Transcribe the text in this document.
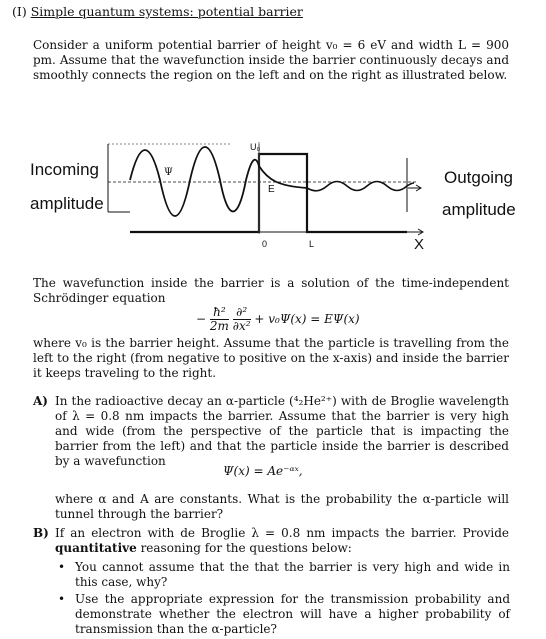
(I) Simple quantum systems: potential barrier
Consider a uniform potential barrier of height v₀ = 6 eV and width L = 900 pm. Assume that the wavefunction inside the barrier continuously decays and smoothly connects the region on the left and on the right as illustrated below.
Incoming
amplitude
Outgoing
amplitude
U₀
Ψ
E
0	L	X
The wavefunction inside the barrier is a solution of the time-independent Schrödinger equation
− $\frac{\text{ħ²}}{2m}$
$\frac{\text{∂²}}{\text{∂x²}} + v_0\Psi(x) = E\Psi(x)$
where v₀ is the barrier height. Assume that the particle is travelling from the left to the right (from negative to positive on the x-axis) and inside the barrier it keeps traveling to the right.
A) In the radioactive decay an α-particle (⁴₂He²⁺) with de Broglie wavelength of λ = 0.8 nm impacts the barrier. Assume that the barrier is very high and wide (from the perspective of the particle that is impacting the barrier from the left) and that the particle inside the barrier is described by a wavefunction
Ψ(x) = Ae⁻ᵅˣ,
where α and A are constants. What is the probability the α-particle will tunnel through the barrier?
B) If an electron with de Broglie λ = 0.8 nm impacts the barrier. Provide quantitative reasoning for the questions below:
• You cannot assume that the that the barrier is very high and wide in this case, why?
• Use the appropriate expression for the transmission probability and demonstrate whether the electron will have a higher probability of transmission than the α-particle?
